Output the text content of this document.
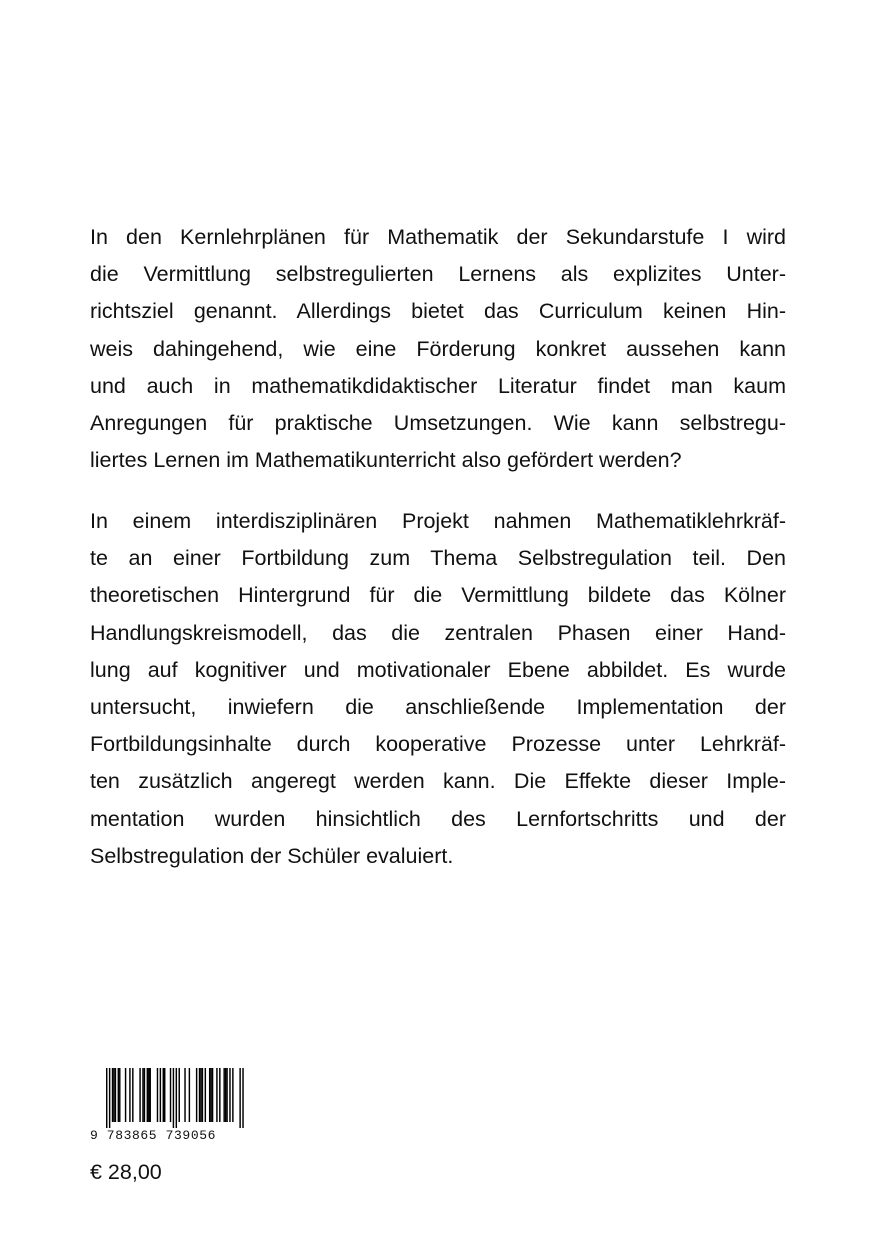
In den Kernlehrplänen für Mathematik der Sekundarstufe I wird
die Vermittlung selbstregulierten Lernens als explizites Unter-
richtsziel genannt. Allerdings bietet das Curriculum keinen Hin-
weis dahingehend, wie eine Förderung konkret aussehen kann
und auch in mathematikdidaktischer Literatur findet man kaum
Anregungen für praktische Umsetzungen. Wie kann selbstregu-
liertes Lernen im Mathematikunterricht also gefördert werden?
In einem interdisziplinären Projekt nahmen Mathematiklehrkräf-
te an einer Fortbildung zum Thema Selbstregulation teil. Den
theoretischen Hintergrund für die Vermittlung bildete das Kölner
Handlungskreismodell, das die zentralen Phasen einer Hand-
lung auf kognitiver und motivationaler Ebene abbildet. Es wurde
untersucht, inwiefern die anschließende Implementation der
Fortbildungsinhalte durch kooperative Prozesse unter Lehrkräf-
ten zusätzlich angeregt werden kann. Die Effekte dieser Imple-
mentation wurden hinsichtlich des Lernfortschritts und der
Selbstregulation der Schüler evaluiert.
9 783865 739056
€ 28,00
